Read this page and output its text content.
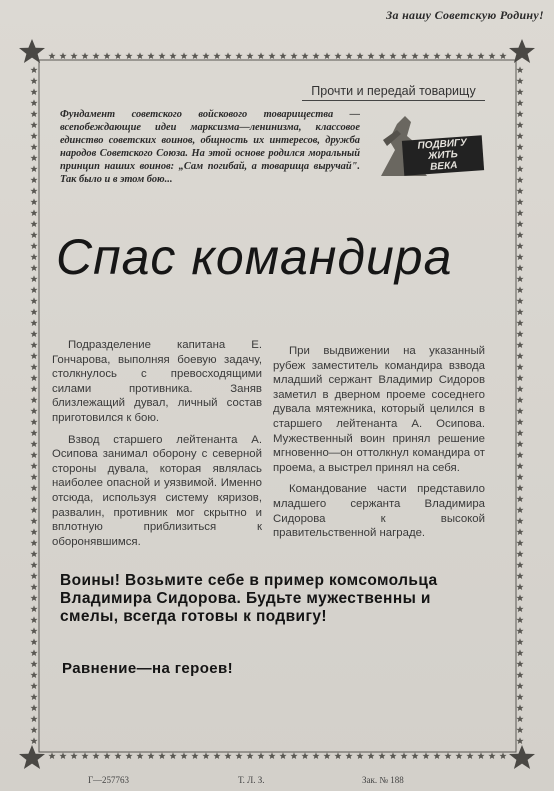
За нашу Советскую Родину!
Прочти и передай товарищу
Фундамент советского войскового товарищества — всепобеждающие идеи марксизма—ленинизма, классовое единство советских воинов, общность их интересов, дружба народов Советского Союза. На этой основе родился моральный принцип наших воинов: „Сам погибай, а товарища выручай". Так было и в этом бою...
ПОДВИГУ
ЖИТЬ
ВЕКА
Спас командира

Подразделение капитана Е. Гончарова, выполняя боевую задачу, столкнулось с превосходящими силами противника. Заняв близлежащий дувал, личный состав приготовился к бою.

Взвод старшего лейтенанта А. Осипова занимал оборону с северной стороны дувала, которая являлась наиболее опасной и уязвимой. Именно отсюда, используя систему кяризов, развалин, противник мог скрытно и вплотную приблизиться к оборонявшимся.

При выдвижении на указанный рубеж заместитель командира взвода младший сержант Владимир Сидоров заметил в дверном проеме соседнего дувала мятежника, который целился в старшего лейтенанта А. Осипова. Мужественный воин принял решение мгновенно—он оттолкнул командира от проема, а выстрел принял на себя.

Командование части представило младшего сержанта Владимира Сидорова к высокой правительственной награде.

Воины! Возьмите себе в пример комсомольца Владимира Сидорова. Будьте мужественны и смелы, всегда готовы к подвигу!
Равнение—на героев!
Г—257763	Т. Л. З.	Зак. № 188
